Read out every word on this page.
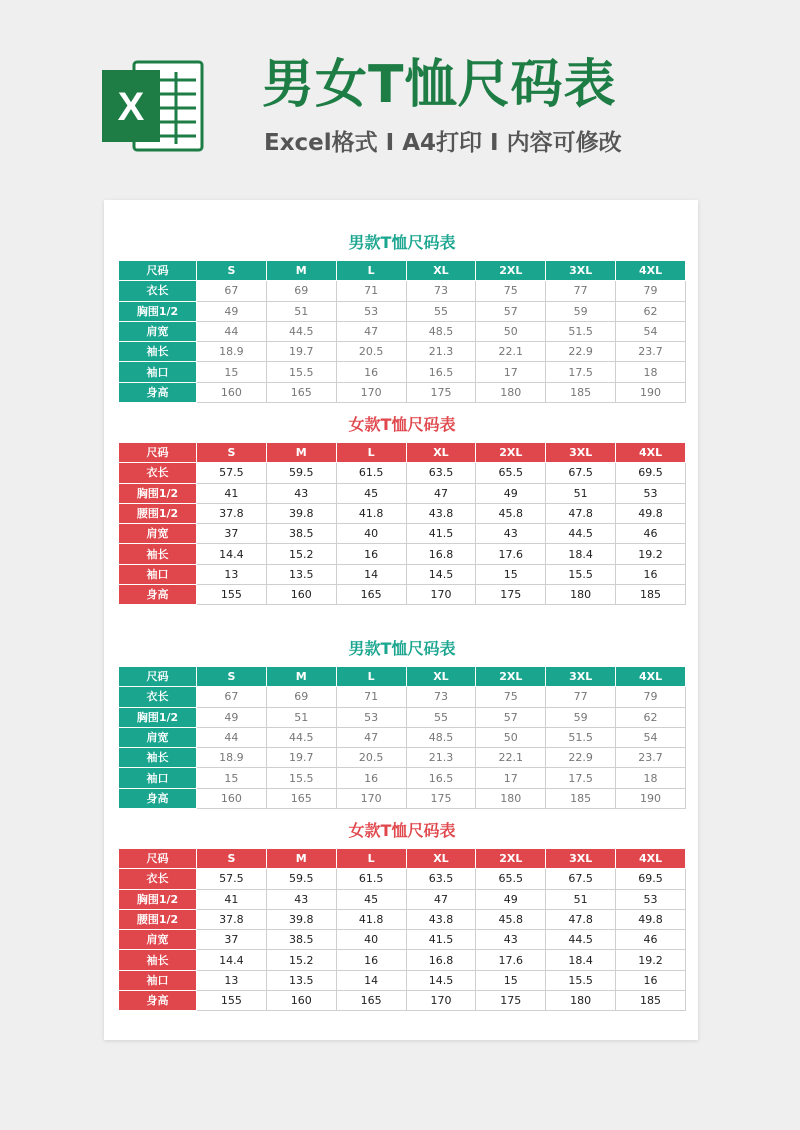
X 男女T恤尺码表
Excel格式 I A4打印 I 内容可修改
男款T恤尺码表
尺码	S	M	L	XL	2XL	3XL	4XL
衣长	67	69	71	73	75	77	79
胸围1/2	49	51	53	55	57	59	62
肩宽	44	44.5	47	48.5	50	51.5	54
袖长	18.9	19.7	20.5	21.3	22.1	22.9	23.7
袖口	15	15.5	16	16.5	17	17.5	18
身高	160	165	170	175	180	185	190
女款T恤尺码表
尺码	S	M	L	XL	2XL	3XL	4XL
衣长	57.5	59.5	61.5	63.5	65.5	67.5	69.5
胸围1/2	41	43	45	47	49	51	53
腰围1/2	37.8	39.8	41.8	43.8	45.8	47.8	49.8
肩宽	37	38.5	40	41.5	43	44.5	46
袖长	14.4	15.2	16	16.8	17.6	18.4	19.2
袖口	13	13.5	14	14.5	15	15.5	16
身高	155	160	165	170	175	180	185
男款T恤尺码表
尺码	S	M	L	XL	2XL	3XL	4XL
衣长	67	69	71	73	75	77	79
胸围1/2	49	51	53	55	57	59	62
肩宽	44	44.5	47	48.5	50	51.5	54
袖长	18.9	19.7	20.5	21.3	22.1	22.9	23.7
袖口	15	15.5	16	16.5	17	17.5	18
身高	160	165	170	175	180	185	190
女款T恤尺码表
尺码	S	M	L	XL	2XL	3XL	4XL
衣长	57.5	59.5	61.5	63.5	65.5	67.5	69.5
胸围1/2	41	43	45	47	49	51	53
腰围1/2	37.8	39.8	41.8	43.8	45.8	47.8	49.8
肩宽	37	38.5	40	41.5	43	44.5	46
袖长	14.4	15.2	16	16.8	17.6	18.4	19.2
袖口	13	13.5	14	14.5	15	15.5	16
身高	155	160	165	170	175	180	185
